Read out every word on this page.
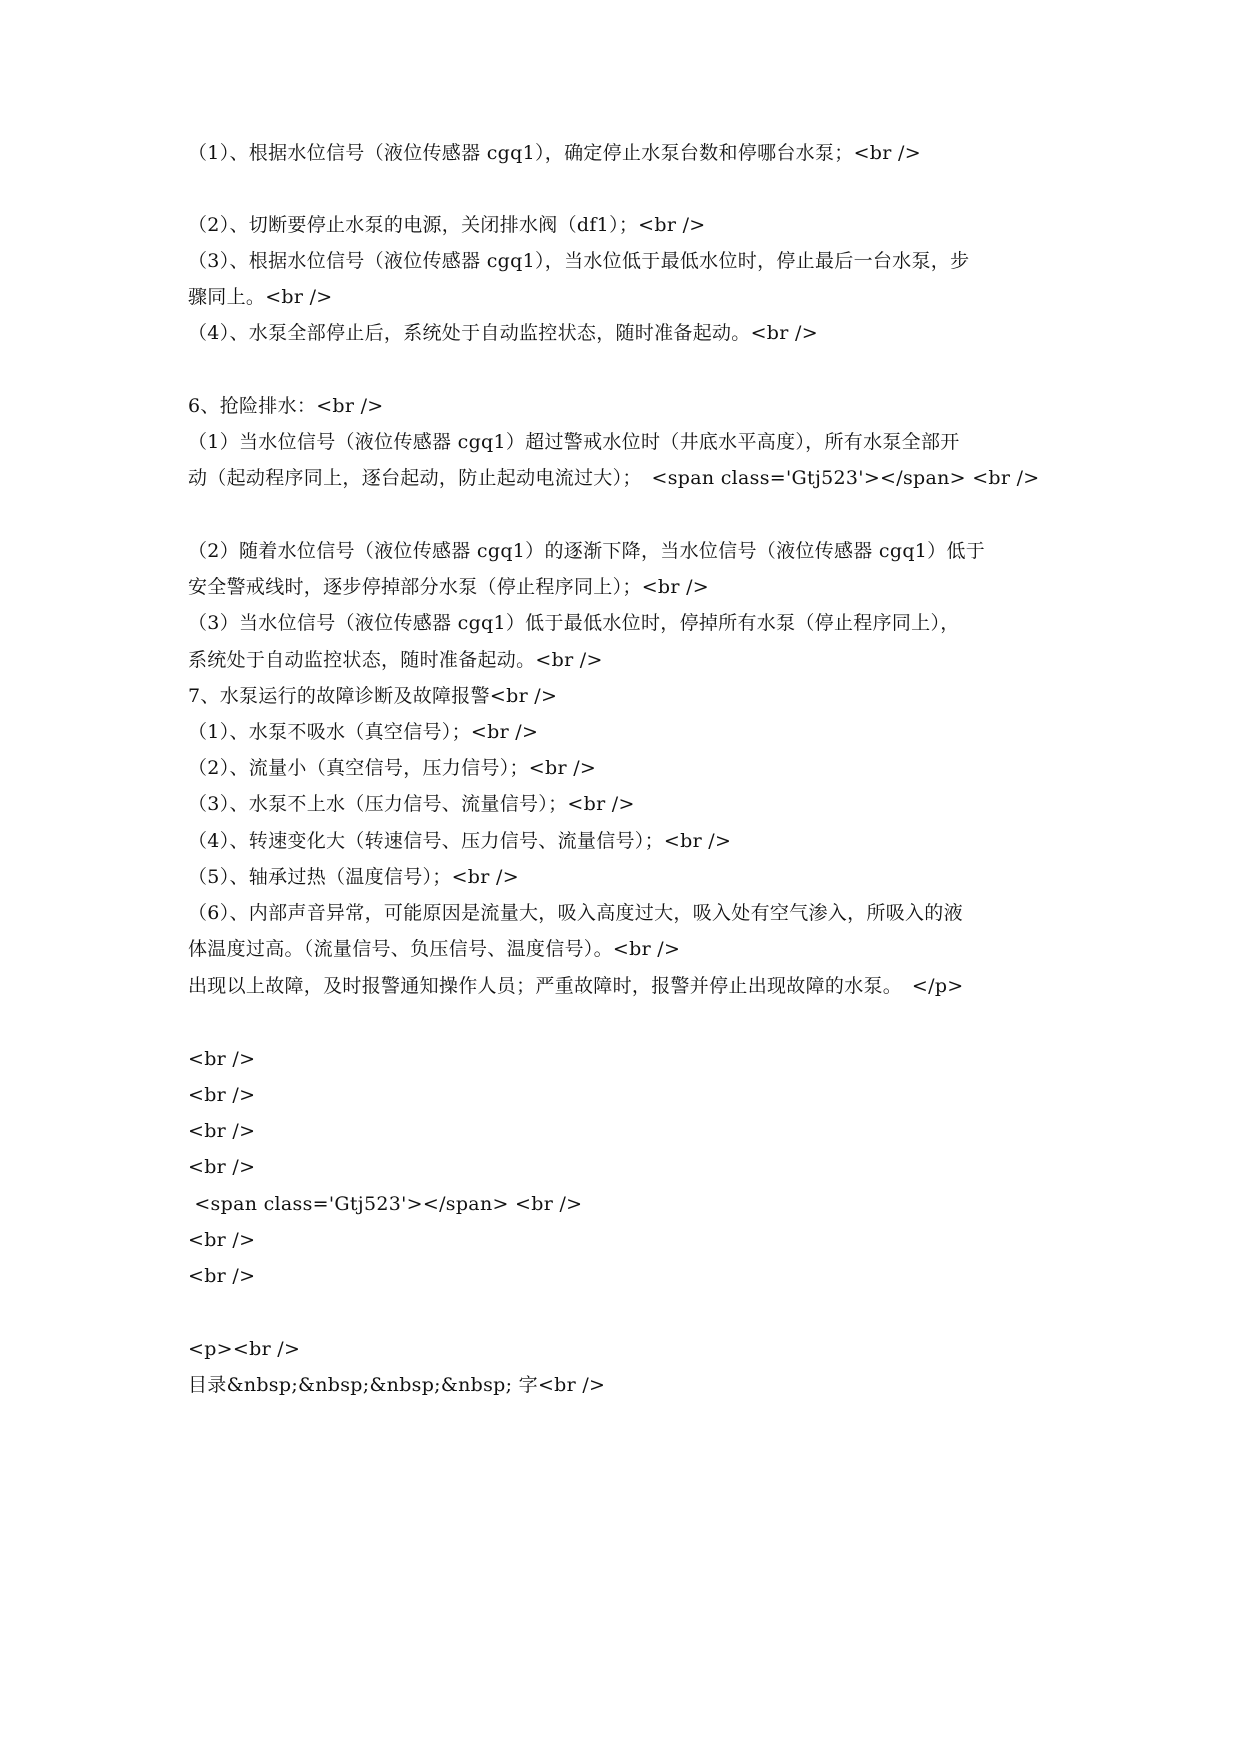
（1）、根据水位信号（液位传感器 cgq1），确定停止水泵台数和停哪台水泵；<br />
（2）、切断要停止水泵的电源，关闭排水阀（df1）；<br />
（3）、根据水位信号（液位传感器 cgq1），当水位低于最低水位时，停止最后一台水泵，步
骤同上。<br />
（4）、水泵全部停止后，系统处于自动监控状态，随时准备起动。<br />
6、抢险排水：<br />
（1）当水位信号（液位传感器 cgq1）超过警戒水位时（井底水平高度），所有水泵全部开
动（起动程序同上，逐台起动，防止起动电流过大）；　<span class='Gtj523'></span> <br />
（2）随着水位信号（液位传感器 cgq1）的逐渐下降，当水位信号（液位传感器 cgq1）低于
安全警戒线时，逐步停掉部分水泵（停止程序同上）；<br />
（3）当水位信号（液位传感器 cgq1）低于最低水位时，停掉所有水泵（停止程序同上），
系统处于自动监控状态，随时准备起动。<br />
7、水泵运行的故障诊断及故障报警<br />
（1）、水泵不吸水（真空信号）；<br />
（2）、流量小（真空信号，压力信号）；<br />
（3）、水泵不上水（压力信号、流量信号）；<br />
（4）、转速变化大（转速信号、压力信号、流量信号）；<br />
（5）、轴承过热（温度信号）；<br />
（6）、内部声音异常，可能原因是流量大，吸入高度过大，吸入处有空气渗入，所吸入的液
体温度过高。（流量信号、负压信号、温度信号）。<br />
出现以上故障，及时报警通知操作人员；严重故障时，报警并停止出现故障的水泵。　</p>
<br />
<br />
<br />
<br />
<span class='Gtj523'></span> <br />
<br />
<br />
<p><br />
目录&nbsp;&nbsp;&nbsp;&nbsp; 字<br />
